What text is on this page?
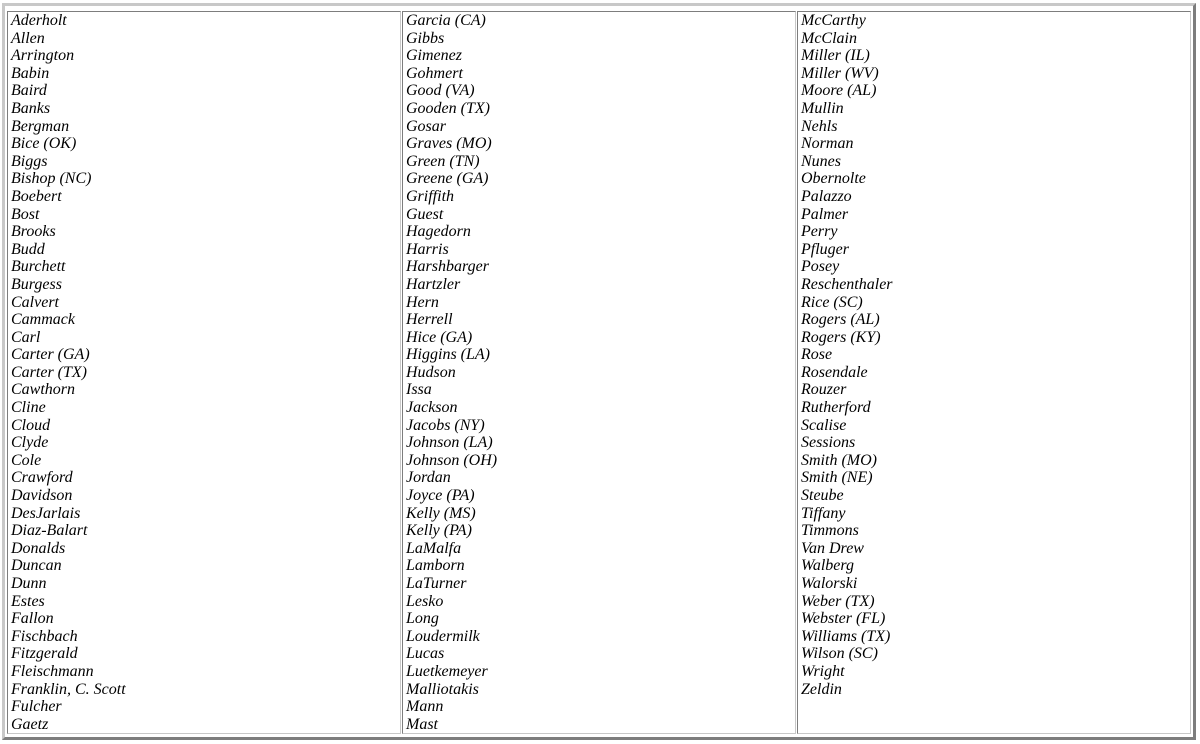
Aderholt
Allen
Arrington
Babin
Baird
Banks
Bergman
Bice (OK)
Biggs
Bishop (NC)
Boebert
Bost
Brooks
Budd
Burchett
Burgess
Calvert
Cammack
Carl
Carter (GA)
Carter (TX)
Cawthorn
Cline
Cloud
Clyde
Cole
Crawford
Davidson
DesJarlais
Diaz-Balart
Donalds
Duncan
Dunn
Estes
Fallon
Fischbach
Fitzgerald
Fleischmann
Franklin, C. Scott
Fulcher
Gaetz
Garcia (CA)
Gibbs
Gimenez
Gohmert
Good (VA)
Gooden (TX)
Gosar
Graves (MO)
Green (TN)
Greene (GA)
Griffith
Guest
Hagedorn
Harris
Harshbarger
Hartzler
Hern
Herrell
Hice (GA)
Higgins (LA)
Hudson
Issa
Jackson
Jacobs (NY)
Johnson (LA)
Johnson (OH)
Jordan
Joyce (PA)
Kelly (MS)
Kelly (PA)
LaMalfa
Lamborn
LaTurner
Lesko
Long
Loudermilk
Lucas
Luetkemeyer
Malliotakis
Mann
Mast
McCarthy
McClain
Miller (IL)
Miller (WV)
Moore (AL)
Mullin
Nehls
Norman
Nunes
Obernolte
Palazzo
Palmer
Perry
Pfluger
Posey
Reschenthaler
Rice (SC)
Rogers (AL)
Rogers (KY)
Rose
Rosendale
Rouzer
Rutherford
Scalise
Sessions
Smith (MO)
Smith (NE)
Steube
Tiffany
Timmons
Van Drew
Walberg
Walorski
Weber (TX)
Webster (FL)
Williams (TX)
Wilson (SC)
Wright
Zeldin
